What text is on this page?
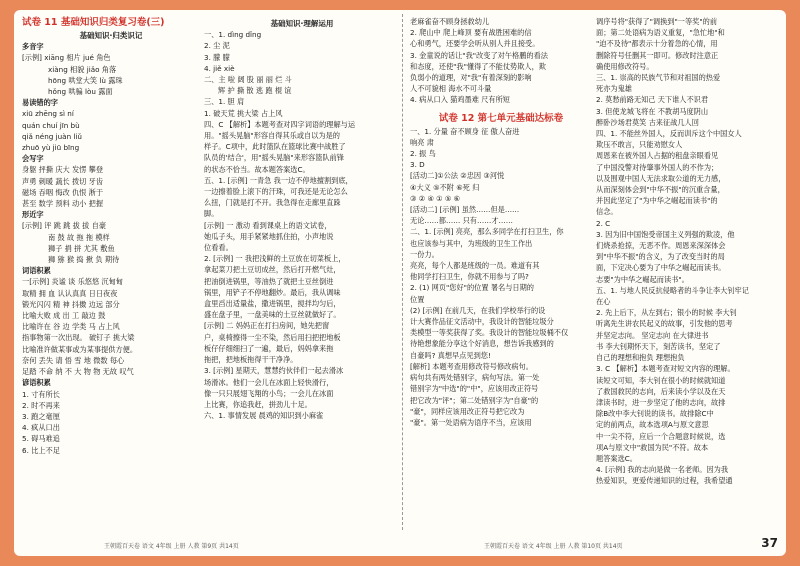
试卷 11 基础知识归类复习卷(三)
基础知识·归类识记
多音字
[示例] xiāng 相片 jué 角色
xiàng 相貌 jiǎo 角落
hōng 哄堂大笑 lù 露珠
hǒng 哄骗 lòu 露面
易读错的字
xiū zhēng sì ní
quán chuí jīn bù
qiǎ néng juàn liǔ
zhuō yù jiū bīng
会写字
身躯 抨撕 庆大 发愣 攀登
声勇 刺暖 蔬长 拨切 牙齿
磁场 吞咽 悔改 仇恨 淅于
甚至 数学 预料 动小 把握
形近字
[示例] 评 跳 跳 拔 拔 自豪
南 鼓 故 拖 拖 模样
狮子 捐 拼 尤其 敷鱼
狮 猕 猴 捣 揪 负 期待
词语积累
一[示例] 炎谧 谈 乐悠悠 沉甸甸
取精 拥 血 认认真真 日日夜夜
锻光闪闪 精 神 抖擞 边远 部分
比喻大败 成 出 工 敲边 鼓
比喻许在 谷 边 学类 马 占上风
指事物第一次出现。 破钉子 挑大梁
比喻准许做某事或为某事提供方便。
奈何 丢失 请 悟 雪 地 微数 每心
足踏 不命 纳 不 大 物 物 无故 叹气
谚语积累
1. 寸有所长
2. 时不再来
3. 跑之毫厘
4. 疯从口出
5. 碍马难追
6. 比上不足
王朝霞百天卷 语文 4年级 上册 人教 第9页 共14页
基础知识·理解运用
一、1. dìng dǐng
2. 尘 泥
3. 朦 朦
4. jiě xiè
二、主 啦 阔 股 丽 丽 烂 斗
辉 护 撕 散 逃 跑 棍 谊
三、1. 胆 肩
1. 破天荒 挑大梁 占上风
四、C 【解析】本题考查对四字词语的理解与运
用。"摇头晃脑"形容自得其乐或自以为是的
样子。C项中，此时篮队在篮球比赛中战胜了
队员的'结合'，用"摇头晃脑"来形容篮队前锋
的状态不恰当。故本题答案选C。
五、1. [示例] 一青急 我一边不停地擅割到底，
一边擦着脸上滚下的汗珠，可我还是无论怎么
么扭，门就是打不开。我急得在走廊里直跺
脚。
[示例] 一 激动 看到课桌上的语文试卷，
她瓜子头，用手紧紧地抓住拍，小声地说
位看看。
2. [示例] 一 我把浅鲜的土豆放在切菜板上，
拿起菜刀把土豆切成丝，然后打开燃气灶，
把油倒进锅里，等油热了就把土豆丝倒进
锅里，用铲子不停地翻炒。最后，我从调味
盒里舀出适量盐，撒进锅里，搅拌均匀后，
盛在盘子里，一盘美味的土豆丝就做好了。
[示例] 二 妈妈正在打扫房间，她先把窗
户，桌椅擦得一尘不染，然后用扫把把地板
板仔仔细细扫了一遍，最后，妈妈拿来拖
拖把，把地板拖得干干净净。
3. [示例] 星期天，慧慧约伙伴们一起去滑冰
场滑冰。他们一会儿在冰面上轻快滑行，
像一只只展翅飞翔的小鸟；一会儿在冰面
上比赛，你追我赶，拼劲儿十足。
六、1. 事情发展 晨鸡的知识到小麻雀
老麻雀奋不顾身拯救幼儿
2. 爬山中 爬上峰顶 要有战胜困难的信
心和勇气，还要学会听从别人并且接受。
3. 金童说的话让"我"改变了对午格鹏的看法
和态度，还使"我"懂得了不能仗势欺人，欺
负弱小的道理，对"我"有着深刻的影响
人不可貌相 海水不可斗量
4. 病从口入 猫鸡墨难 尺有所短
试卷 12 第七单元基础达标卷
一、1. 分量 奋不顾身 征 傲人奋进
响亮 肃
2. 振 鸟
3. D
[活动二]①公法 ②忠因 ③河悦
④大义 ⑤不附 ⑥死 归
③ ② ④ ① ⑤ ⑥
[活动二] [示例] 虽然……但是……
无论……都…… 只有……才……
二、1. [示例] 亮亮，那么多同学在打扫卫生，你
也应该参与其中，为班级的卫生工作出
一份力。
亮亮，每个人都是班级的一员。难道有其
他同学打扫卫生，你就不用参与了吗?
2. (1) 网页"您好"的位置 署名与日期的
位置
(2) [示例] 在前几天，在我们学校举行的设
计大赛作品征文活动中，我设计的智能垃圾分
类模型一等奖获得了奖。我设计的智能垃圾桶不仅
待艳想象能分享这个好消息，想告诉我感到的
自豪吗? 真想早点见到您!
[解析] 本题考查用修改符号修改病句。
病句共有两处错别字，病句写法。第一处
错别字为"中选"的"中"，应该用改正符号
把它改为"评"；第二处错别字为"自豪"的
"豪"，同样应该用改正符号把它改为
"豪"。第一处语病为语序不当，应该用
王朝霞百天卷 语文 4年级 上册 人教 第10页 共14页
调序号将"获得了"调换到"一等奖"的前
面；第二处语病为语义重复，"急忙地"和
"迫不及待"都表示十分着急的心情，用
删除符号任删其一即可。修改时注意正
确使用修改符号。
三、1. 崇高的民族气节和对祖国的热爱
死亦为鬼雄
2. 莫愁前路无知己 天下谁人不识君
3. 但使龙城飞将在 不教胡马度阴山
醉卧沙场君莫笑 古来征战几人回
四、1. 不能丝外国人，反而训斥这个中国女人
欺压不敢言，只能劝慰女人
周恩来在被外国人占据的租盘亲眼看见
了中国没警对待肇事外国人的不作为；
以及围观中国人无法求取公道的无力感，
从而深刻体会到"中华不振"的沉重含量，
并因此坚定了"为中华之崛起而读书"的
信念。
2. C
3. 因为旧中国饱受帝国主义列强的欺凌，他
们烧杀抢掠，无恶不作。周恩来深深体会
到"中华不振"的含义，为了改变当时的局
面，下定决心要为了中华之崛起而读书。
志要"为中华之崛起而读书"。
五、1. 与地人民反抗侵略者的斗争让李大钊牢记
在心
2. 先上后下，从左到右；银小的时候 李大钊
听离先生讲农民起义的故事，引发他的思考
并坚定志向。 坚定志向 在大律进书
书 李大钊期怀天下，刻苦读书，坚定了
自己的理想和抱负 理想抱负
3. C 【解析】本题考查对短文内容的理解。
读短文可知，李大钊在很小的时候就知道
了救国救民的志向，后来读小学以及在天
津读书时，进一步坚定了他的志向，故排
除B改中李大钊说的读书。故排除C中
定的前两点，故本选项A与原文意思
中一尖不符，应后一个合题意时候说，选
项A与原文中"救国为民"不符。故本
题答案选C。
4. [示例] 我的志向是做一名老师。因为我
热爱知识，更爱传递知识的过程，我希望通
37
